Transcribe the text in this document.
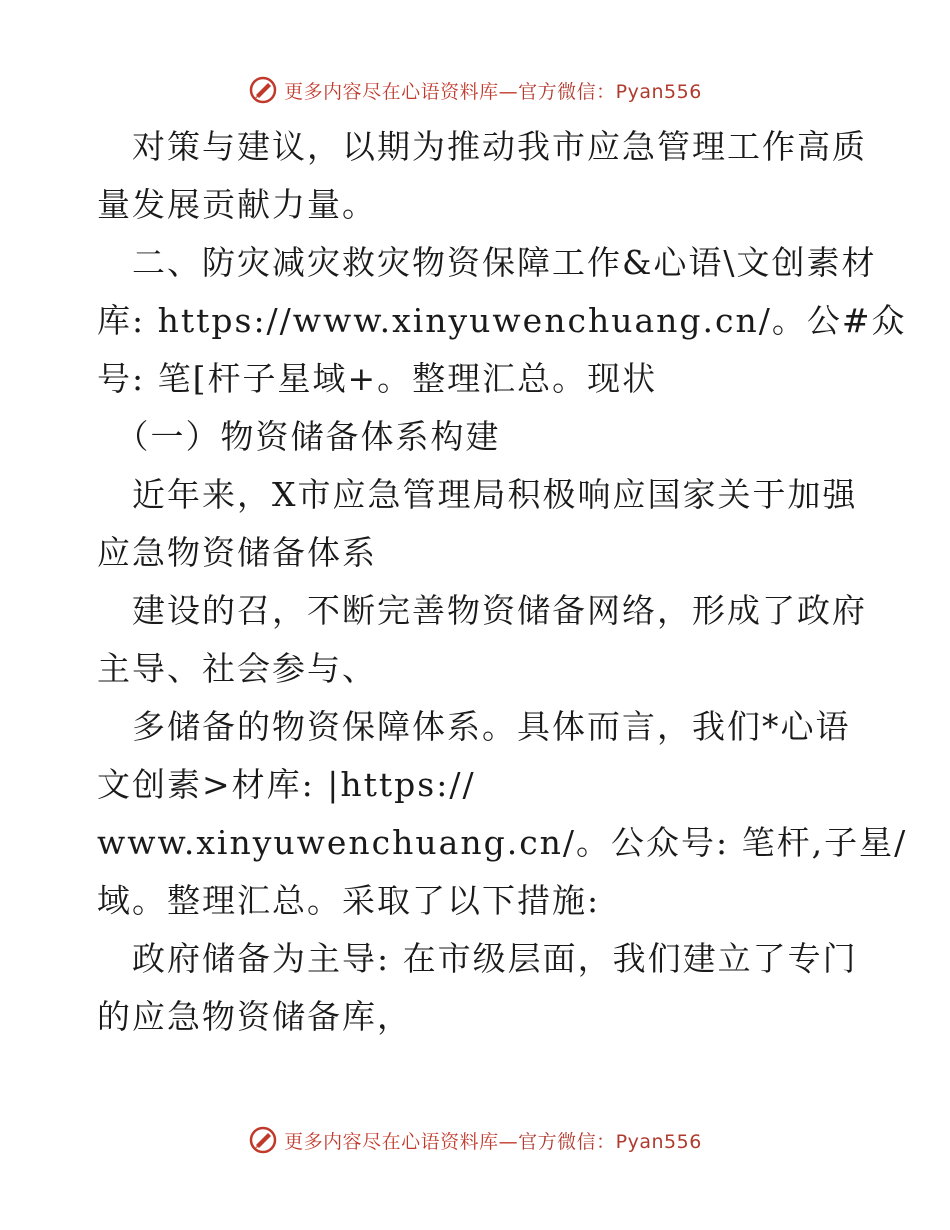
更多内容尽在心语资料库—官方微信：Pyan556
　对策与建议，以期为推动我市应急管理工作高质
量发展贡献力量。
　二、防灾减灾救灾物资保障工作&心语\文创素材
库: https://www.xinyuwenchuang.cn/。公#众
号: 笔[杆子星域+。整理汇总。现状
　（一）物资储备体系构建
　近年来，X市应急管理局积极响应国家关于加强
应急物资储备体系
　建设的召，不断完善物资储备网络，形成了政府
主导、社会参与、
　多储备的物资保障体系。具体而言，我们*心语
文创素>材库: |https://
www.xinyuwenchuang.cn/。公众号: 笔杆,子星/
域。整理汇总。采取了以下措施:
　政府储备为主导: 在市级层面，我们建立了专门
的应急物资储备库，
更多内容尽在心语资料库—官方微信：Pyan556
